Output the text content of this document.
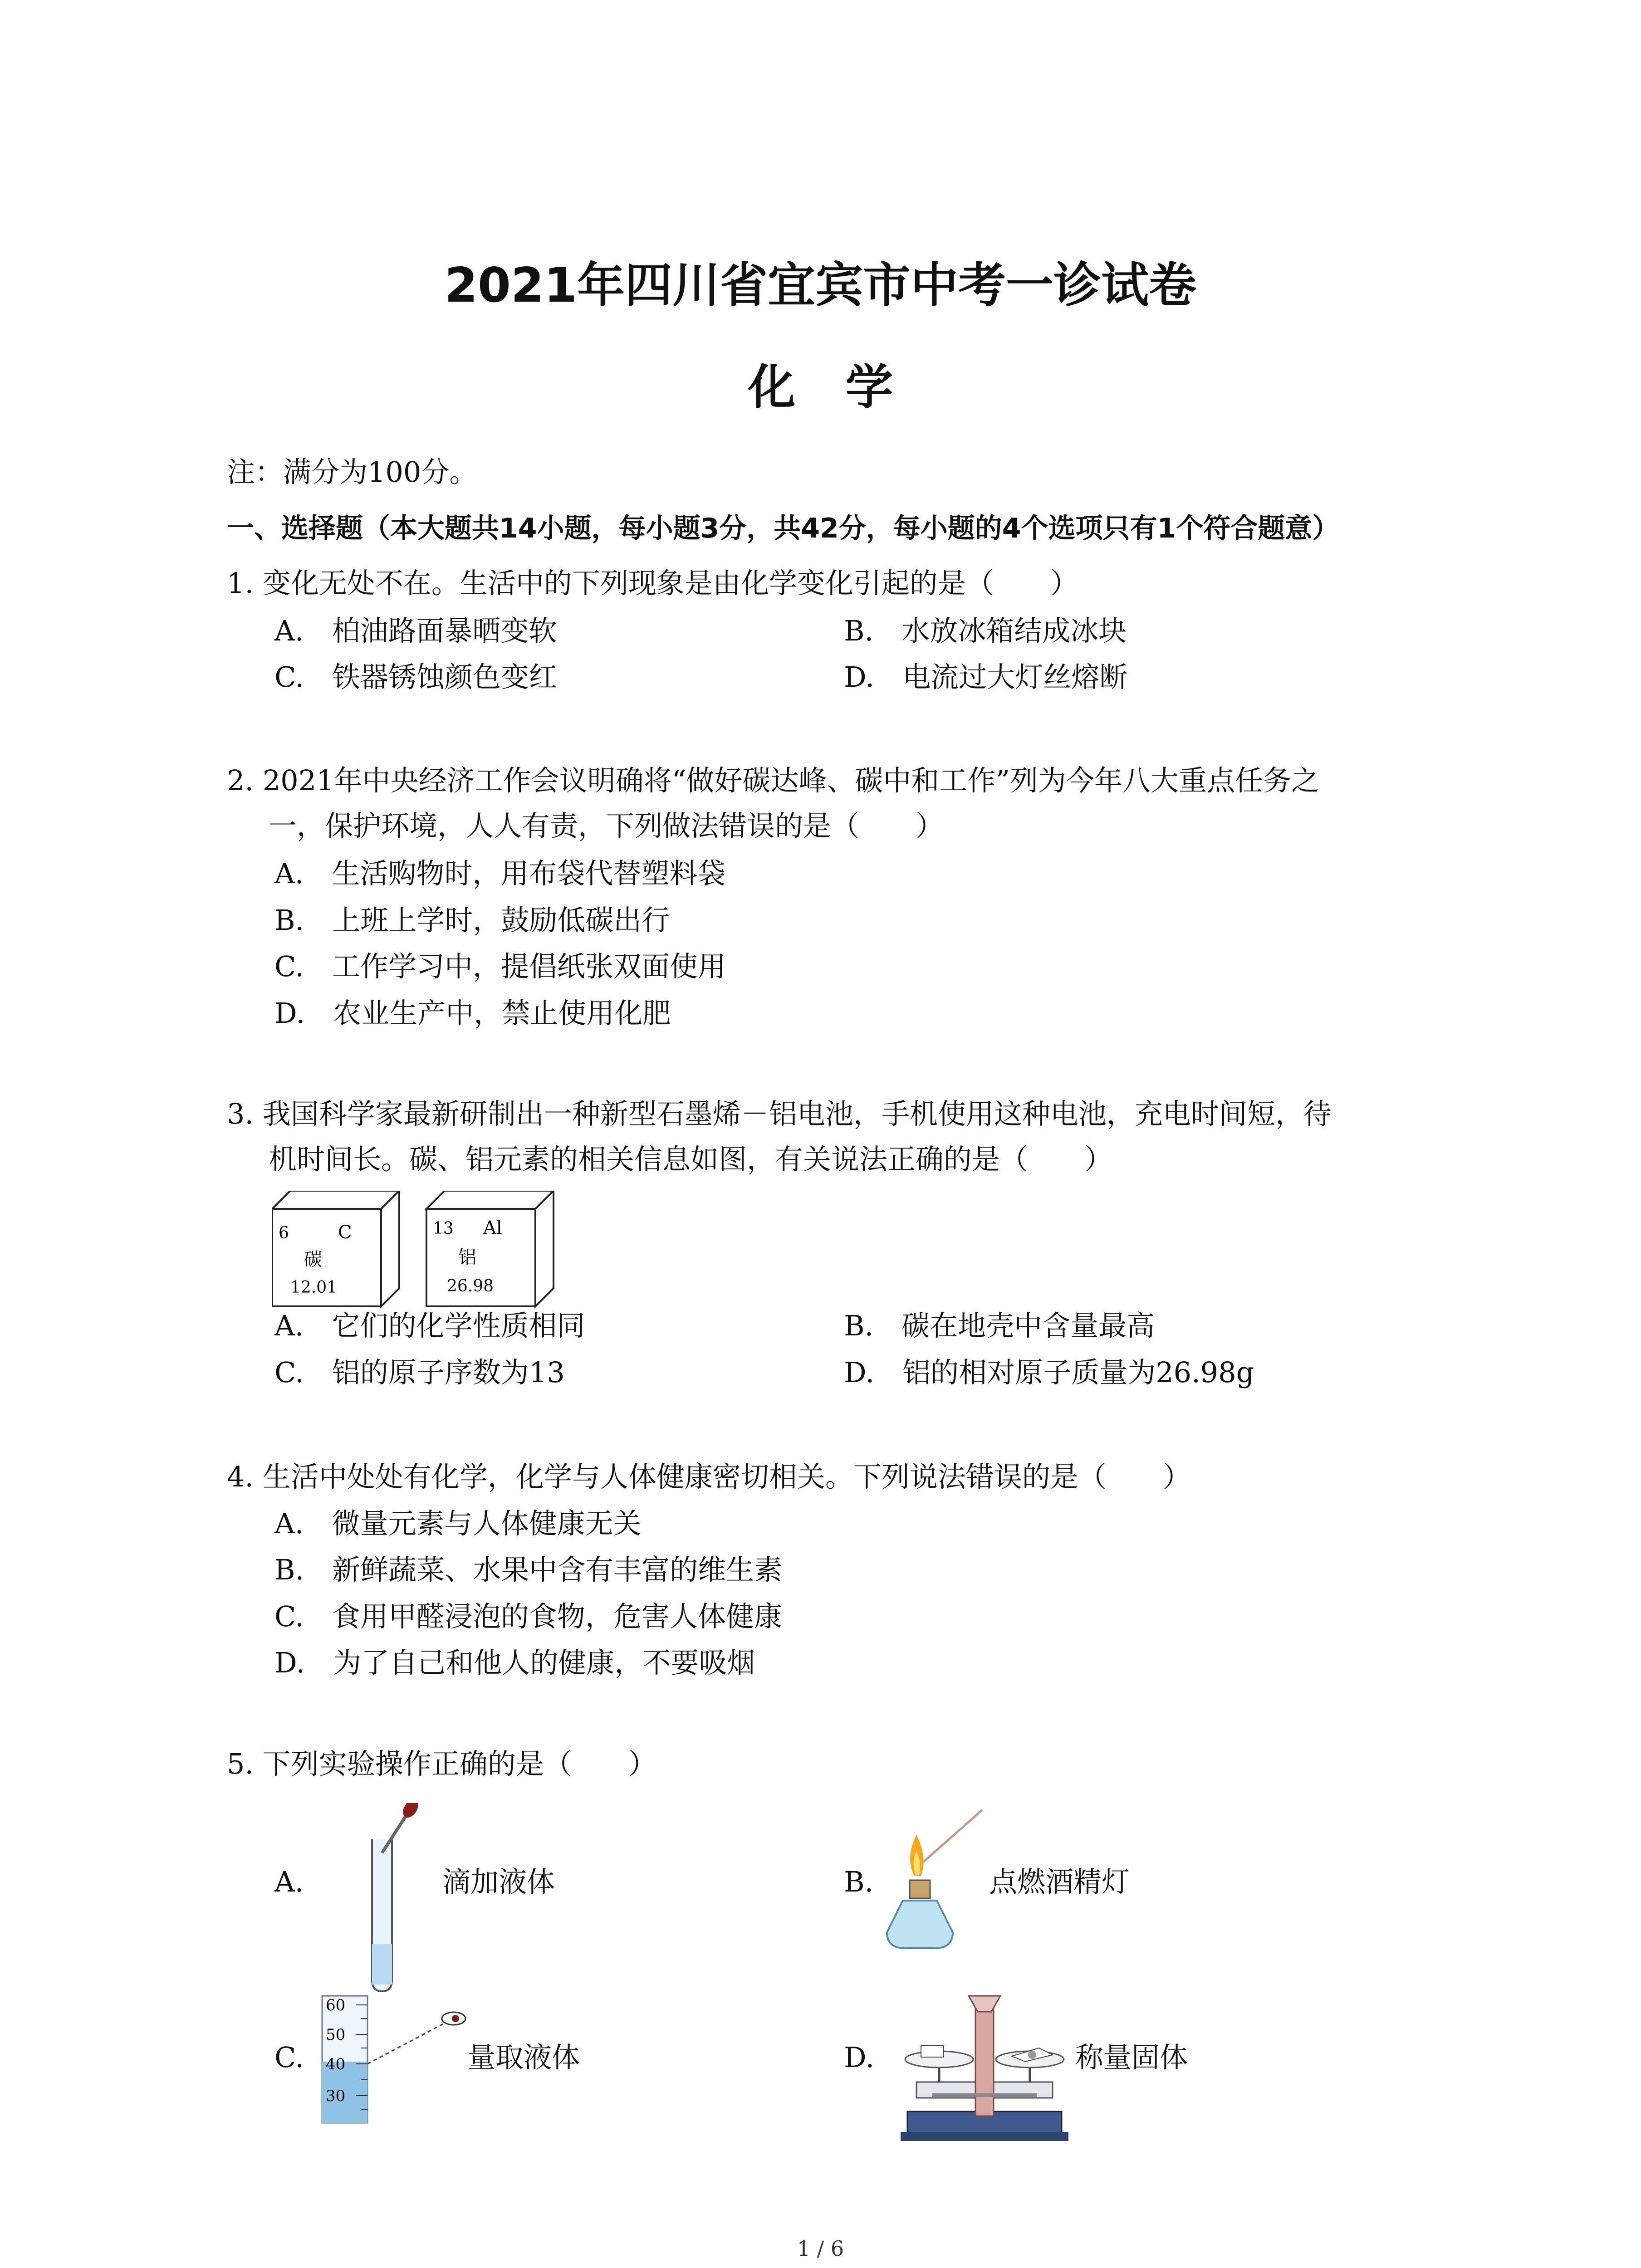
2021年四川省宜宾市中考一诊试卷
化学
注：满分为100分。
一、选择题（本大题共14小题，每小题3分，共42分，每小题的4个选项只有1个符合题意）
1. 变化无处不在。生活中的下列现象是由化学变化引起的是（　　）
A.　柏油路面暴晒变软	B.　水放冰箱结成冰块
C.　铁器锈蚀颜色变红	D.　电流过大灯丝熔断
2. 2021年中央经济工作会议明确将“做好碳达峰、碳中和工作”列为今年八大重点任务之
一，保护环境，人人有责，下列做法错误的是（　　）
A.　生活购物时，用布袋代替塑料袋
B.　上班上学时，鼓励低碳出行
C.　工作学习中，提倡纸张双面使用
D.　农业生产中，禁止使用化肥
3. 我国科学家最新研制出一种新型石墨烯－铝电池，手机使用这种电池，充电时间短，待
机时间长。碳、铝元素的相关信息如图，有关说法正确的是（　　）
6	C
碳
12.01
13 Al
铝
26.98
A.　它们的化学性质相同	B.　碳在地壳中含量最高
C.　铝的原子序数为13	D.　铝的相对原子质量为26.98g
4. 生活中处处有化学，化学与人体健康密切相关。下列说法错误的是（　　）
A.　微量元素与人体健康无关
B.　新鲜蔬菜、水果中含有丰富的维生素
C.　食用甲醛浸泡的食物，危害人体健康
D.　为了自己和他人的健康，不要吸烟
5. 下列实验操作正确的是（　　）
A.	滴加液体	B.	点燃酒精灯
C.
60
50
40
30
量取液体	D.	称量固体
1 / 6
